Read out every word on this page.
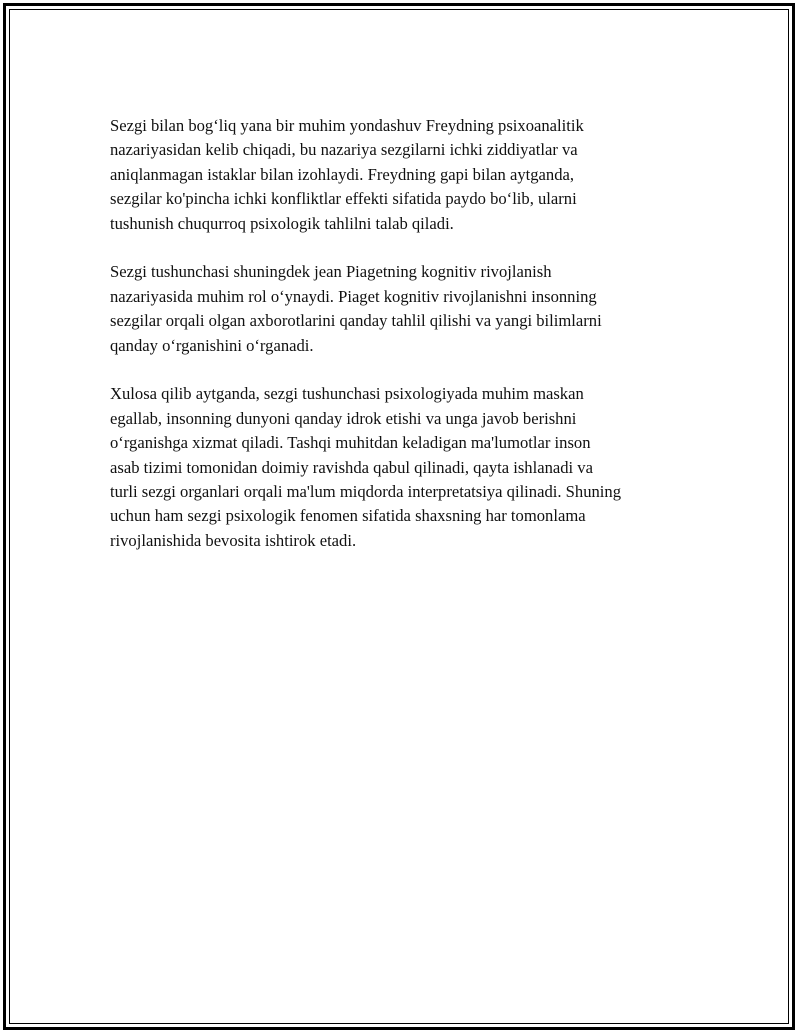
Sezgi bilan bogʻliq yana bir muhim yondashuv Freydning psixoanalitik
nazariyasidan kelib chiqadi, bu nazariya sezgilarni ichki ziddiyatlar va
aniqlanmagan istaklar bilan izohlaydi. Freydning gapi bilan aytganda,
sezgilar ko'pincha ichki konfliktlar effekti sifatida paydo boʻlib, ularni
tushunish chuqurroq psixologik tahlilni talab qiladi.

Sezgi tushunchasi shuningdek jean Piagetning kognitiv rivojlanish
nazariyasida muhim rol oʻynaydi. Piaget kognitiv rivojlanishni insonning
sezgilar orqali olgan axborotlarini qanday tahlil qilishi va yangi bilimlarni
qanday oʻrganishini oʻrganadi.

Xulosa qilib aytganda, sezgi tushunchasi psixologiyada muhim maskan
egallab, insonning dunyoni qanday idrok etishi va unga javob berishni
oʻrganishga xizmat qiladi. Tashqi muhitdan keladigan ma'lumotlar inson
asab tizimi tomonidan doimiy ravishda qabul qilinadi, qayta ishlanadi va
turli sezgi organlari orqali ma'lum miqdorda interpretatsiya qilinadi. Shuning
uchun ham sezgi psixologik fenomen sifatida shaxsning har tomonlama
rivojlanishida bevosita ishtirok etadi.
